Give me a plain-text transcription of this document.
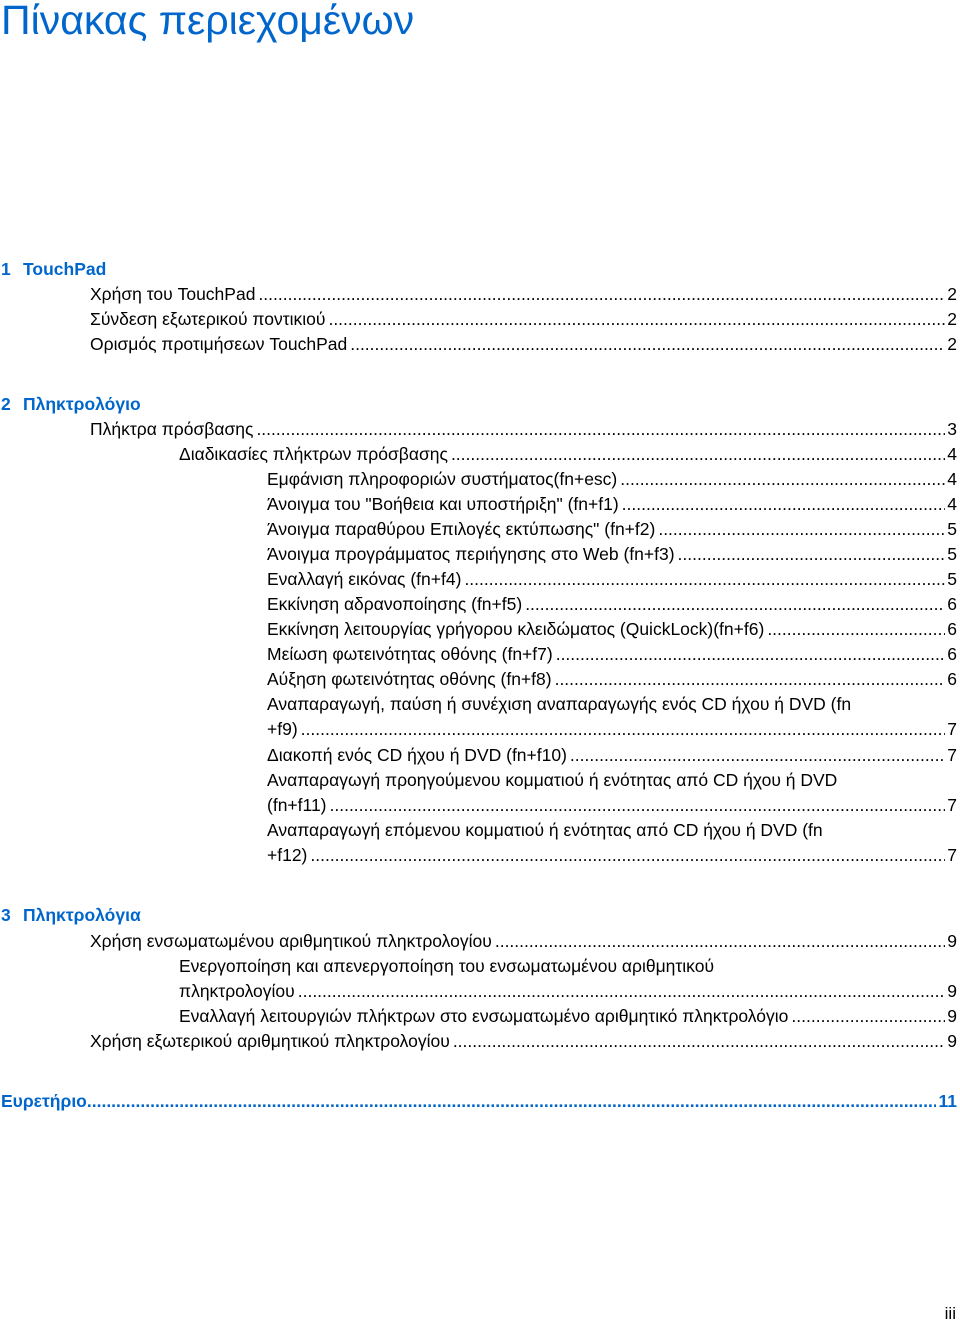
Πίνακας περιεχομένων
1 TouchPad
Χρήση του TouchPad .....	2
Σύνδεση εξωτερικού ποντικιού .....	2
Ορισμός προτιμήσεων TouchPad .....	2
2 Πληκτρολόγιο
Πλήκτρα πρόσβασης .....	3
Διαδικασίες πλήκτρων πρόσβασης .....	4
Εμφάνιση πληροφοριών συστήματος(fn+esc) .....	4
Άνοιγμα του "Βοήθεια και υποστήριξη" (fn+f1) .....	4
Άνοιγμα παραθύρου Επιλογές εκτύπωσης" (fn+f2) .....	5
Άνοιγμα προγράμματος περιήγησης στο Web (fn+f3) .....	5
Εναλλαγή εικόνας (fn+f4) .....	5
Εκκίνηση αδρανοποίησης (fn+f5) .....	6
Εκκίνηση λειτουργίας γρήγορου κλειδώματος (QuickLock)(fn+f6) .....	6
Μείωση φωτεινότητας οθόνης (fn+f7) .....	6
Αύξηση φωτεινότητας οθόνης (fn+f8) .....	6
Αναπαραγωγή, παύση ή συνέχιση αναπαραγωγής ενός CD ήχου ή DVD (fn
+f9) .....	7
Διακοπή ενός CD ήχου ή DVD (fn+f10) .....	7
Αναπαραγωγή προηγούμενου κομματιού ή ενότητας από CD ήχου ή DVD
(fn+f11) .....	7
Αναπαραγωγή επόμενου κομματιού ή ενότητας από CD ήχου ή DVD (fn
+f12) .....	7
3 Πληκτρολόγια
Χρήση ενσωματωμένου αριθμητικού πληκτρολογίου .....	9
Ενεργοποίηση και απενεργοποίηση του ενσωματωμένου αριθμητικού
πληκτρολογίου .....	9
Εναλλαγή λειτουργιών πλήκτρων στο ενσωματωμένο αριθμητικό πληκτρολόγιο .....	9
Χρήση εξωτερικού αριθμητικού πληκτρολογίου .....	9
Ευρετήριο .....	11
iii
